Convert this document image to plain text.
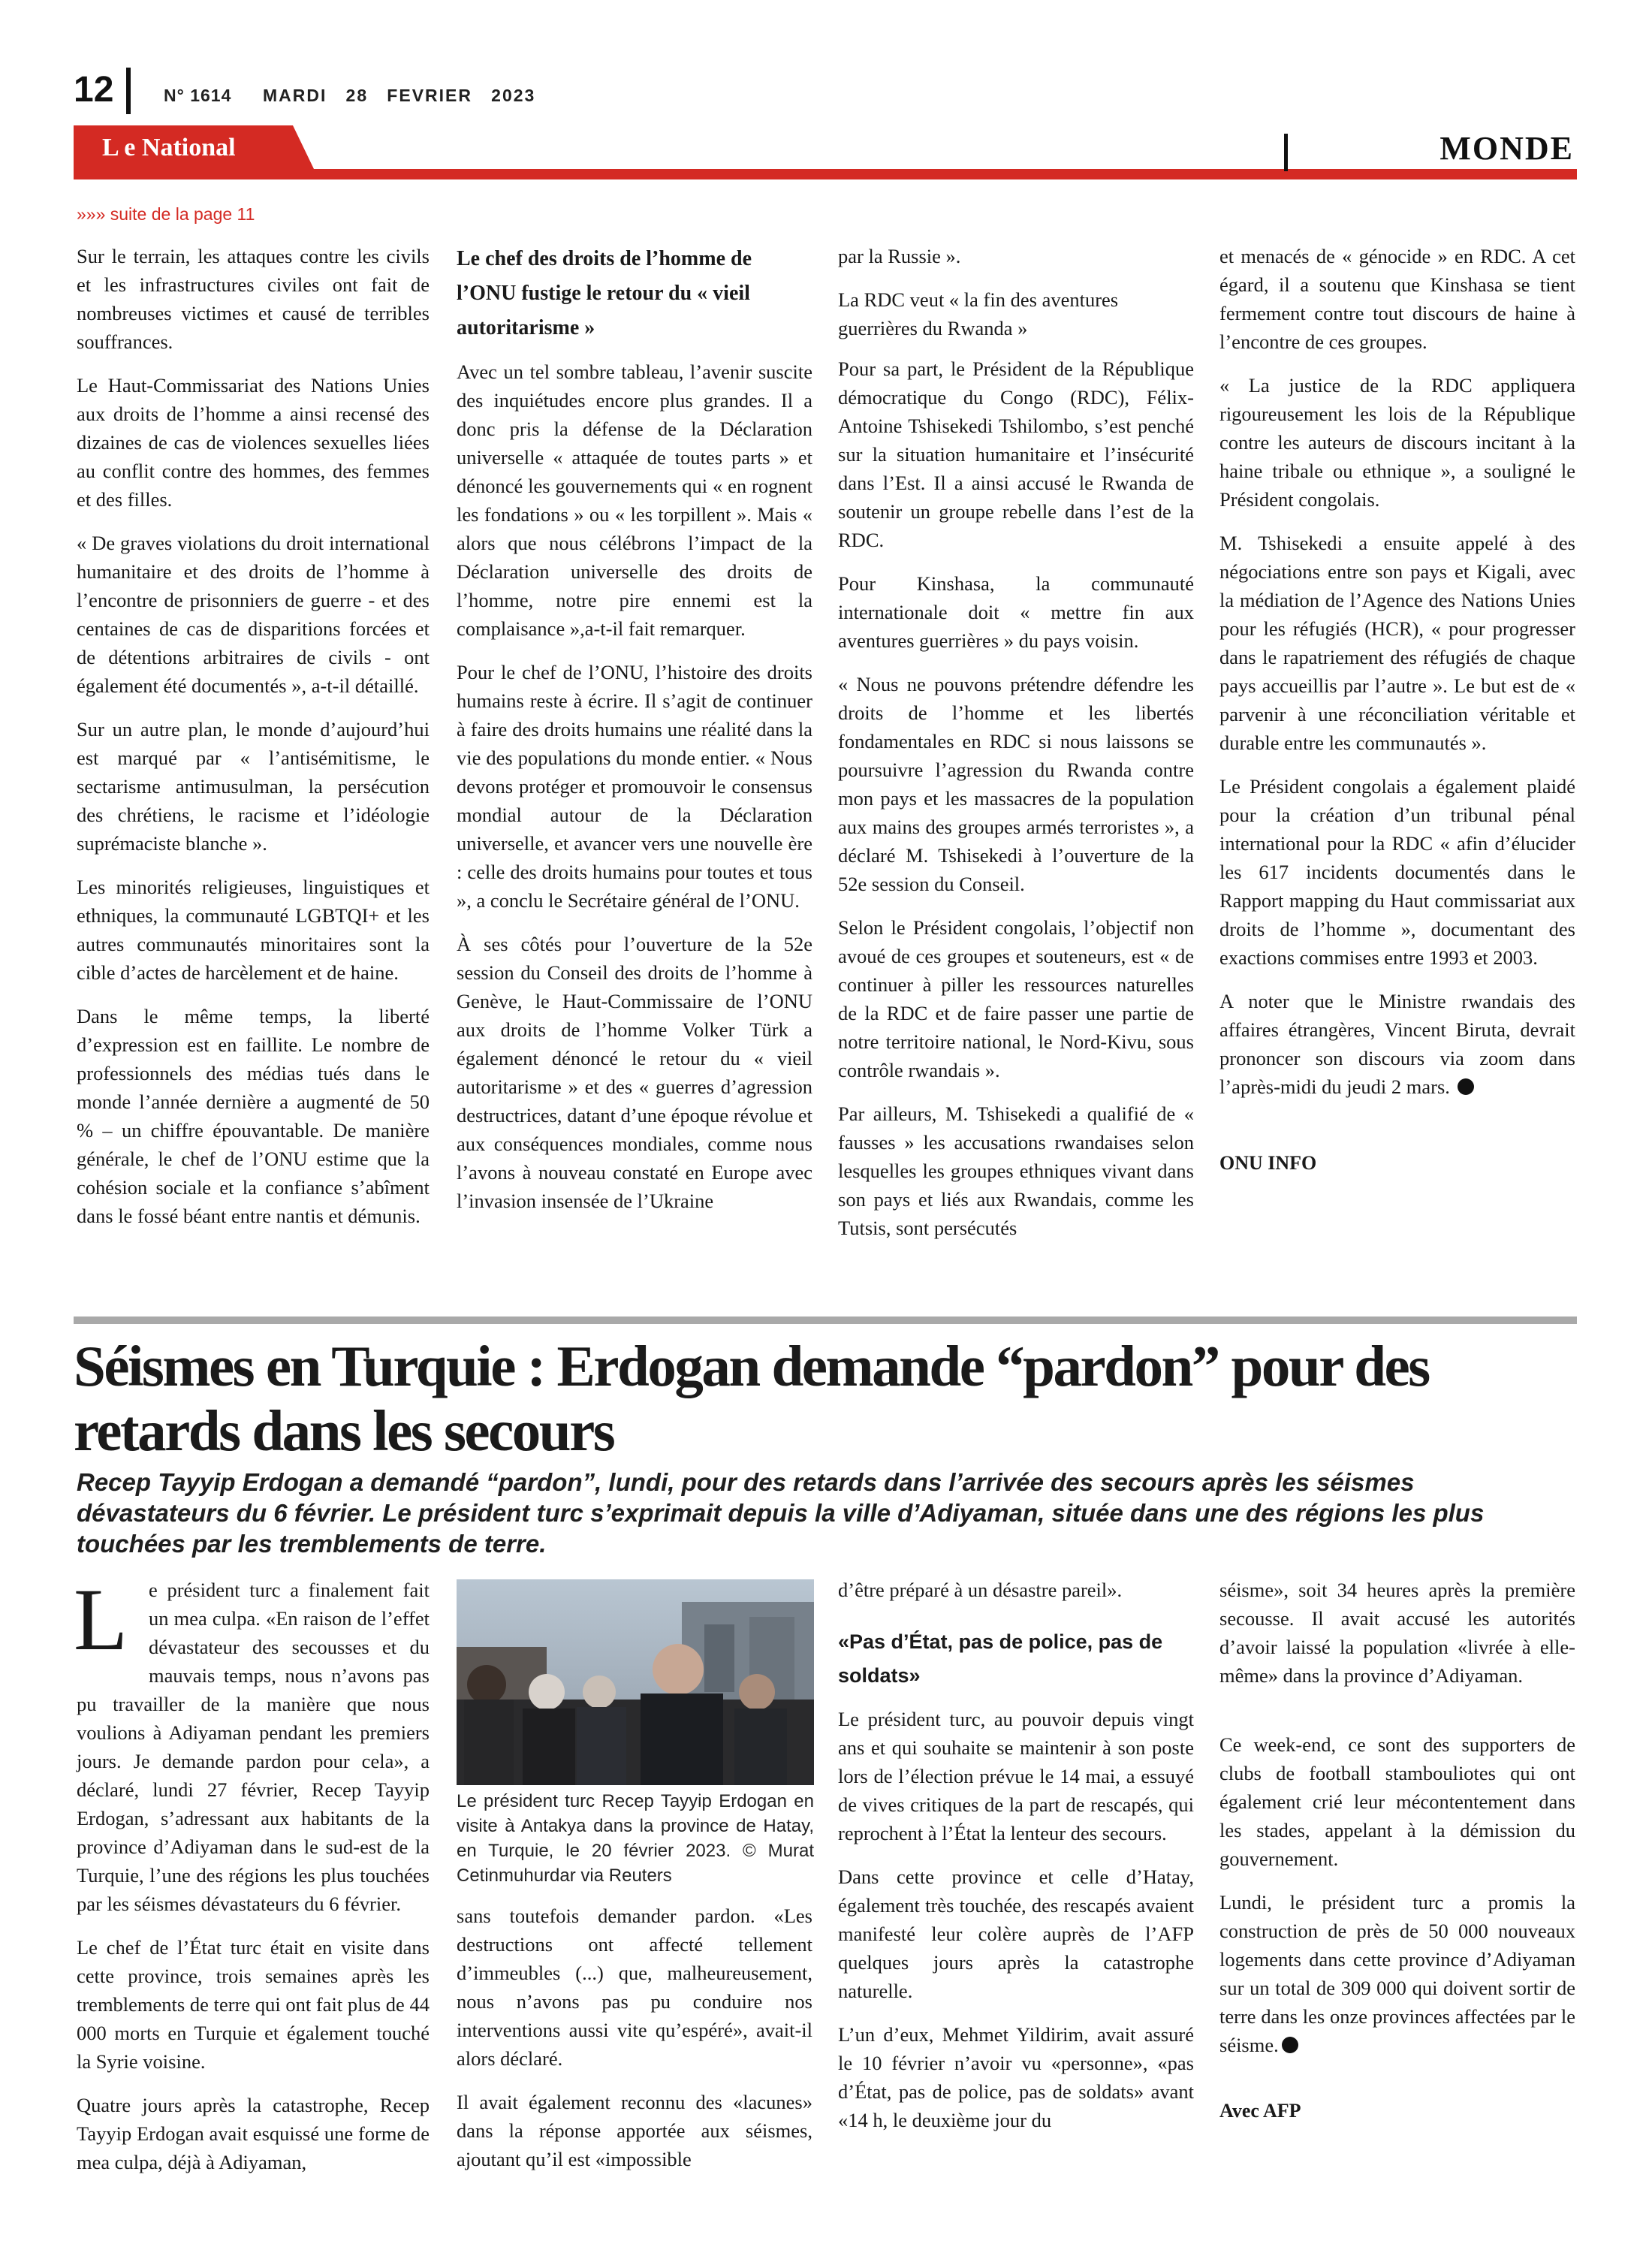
12	N° 1614 MARDI   28   FEVRIER   2023
L e National	MONDE
»»» suite de la page 11

Sur le terrain, les attaques contre les civils et les infrastructures civiles ont fait de nombreuses victimes et causé de terribles souffrances.

Le Haut-Commissariat des Nations Unies aux droits de l’homme a ainsi recensé des dizaines de cas de violences sexuelles liées au conflit contre des hommes, des femmes et des filles.

« De graves violations du droit international humanitaire et des droits de l’homme à l’encontre de prisonniers de guerre - et des centaines de cas de disparitions forcées et de détentions arbitraires de civils - ont également été documentés », a-t-il détaillé.

Sur un autre plan, le monde d’aujourd’hui est marqué par « l’antisémitisme, le sectarisme antimusulman, la persécution des chrétiens, le racisme et l’idéologie suprémaciste blanche ».

Les minorités religieuses, linguistiques et ethniques, la communauté LGBTQI+ et les autres communautés minoritaires sont la cible d’actes de harcèlement et de haine.

Dans le même temps, la liberté d’expression est en faillite. Le nombre de professionnels des médias tués dans le monde l’année dernière a augmenté de 50 % – un chiffre épouvantable. De manière générale, le chef de l’ONU estime que la cohésion sociale et la confiance s’abîment dans le fossé béant entre nantis et démunis.

Le chef des droits de l’homme de l’ONU fustige le retour du « vieil autoritarisme »

Avec un tel sombre tableau, l’avenir suscite des inquiétudes encore plus grandes. Il a donc pris la défense de la Déclaration universelle « attaquée de toutes parts » et dénoncé les gouvernements qui « en rognent les fondations » ou « les torpillent ». Mais « alors que nous célébrons l’impact de la Déclaration universelle des droits de l’homme, notre pire ennemi est la complaisance »,a-t-il fait remarquer.

Pour le chef de l’ONU, l’histoire des droits humains reste à écrire. Il s’agit de continuer à faire des droits humains une réalité dans la vie des populations du monde entier. « Nous devons protéger et promouvoir le consensus mondial autour de la Déclaration universelle, et avancer vers une nouvelle ère : celle des droits humains pour toutes et tous », a conclu le Secrétaire général de l’ONU.

À ses côtés pour l’ouverture de la 52e session du Conseil des droits de l’homme à Genève, le Haut-Commissaire de l’ONU aux droits de l’homme Volker Türk a également dénoncé le retour du « vieil autoritarisme » et des « guerres d’agression destructrices, datant d’une époque révolue et aux conséquences mondiales, comme nous l’avons à nouveau constaté en Europe avec l’invasion insensée de l’Ukraine

par la Russie ».

La RDC veut « la fin des aventures guerrières du Rwanda »

Pour sa part, le Président de la République démocratique du Congo (RDC), Félix-Antoine Tshisekedi Tshilombo, s’est penché sur la situation humanitaire et l’insécurité dans l’Est. Il a ainsi accusé le Rwanda de soutenir un groupe rebelle dans l’est de la RDC.

Pour Kinshasa, la communauté internationale doit « mettre fin aux aventures guerrières » du pays voisin.

« Nous ne pouvons prétendre défendre les droits de l’homme et les libertés fondamentales en RDC si nous laissons se poursuivre l’agression du Rwanda contre mon pays et les massacres de la population aux mains des groupes armés terroristes », a déclaré M. Tshisekedi à l’ouverture de la 52e session du Conseil.

Selon le Président congolais, l’objectif non avoué de ces groupes et souteneurs, est « de continuer à piller les ressources naturelles de la RDC et de faire passer une partie de notre territoire national, le Nord-Kivu, sous contrôle rwandais ».

Par ailleurs, M. Tshisekedi a qualifié de « fausses » les accusations rwandaises selon lesquelles les groupes ethniques vivant dans son pays et liés aux Rwandais, comme les Tutsis, sont persécutés

et menacés de « génocide » en RDC. A cet égard, il a soutenu que Kinshasa se tient fermement contre tout discours de haine à l’encontre de ces groupes.

« La justice de la RDC appliquera rigoureusement les lois de la République contre les auteurs de discours incitant à la haine tribale ou ethnique », a souligné le Président congolais.

M. Tshisekedi a ensuite appelé à des négociations entre son pays et Kigali, avec la médiation de l’Agence des Nations Unies pour les réfugiés (HCR), « pour progresser dans le rapatriement des réfugiés de chaque pays accueillis par l’autre ». Le but est de « parvenir à une réconciliation véritable et durable entre les communautés ».

Le Président congolais a également plaidé pour la création d’un tribunal pénal international pour la RDC « afin d’élucider les 617 incidents documentés dans le Rapport mapping du Haut commissariat aux droits de l’homme », documentant des exactions commises entre 1993 et 2003.

A noter que le Ministre rwandais des affaires étrangères, Vincent Biruta, devrait prononcer son discours via zoom dans l’après-midi du jeudi 2 mars.

ONU INFO

Séismes en Turquie : Erdogan demande “pardon” pour des retards dans les secours
Recep Tayyip Erdogan a demandé “pardon”, lundi, pour des retards dans l’arrivée des secours après les séismes dévastateurs du 6 février. Le président turc s’exprimait depuis la ville d’Adiyaman, située dans une des régions les plus touchées par les tremblements de terre.
L	e président turc a finalement fait un mea culpa. «En raison de l’effet dévastateur des secousses et du mauvais temps, nous n’avons pas pu travailler de la manière que nous voulions à Adiyaman pendant les premiers jours. Je demande pardon pour cela», a déclaré, lundi 27 février, Recep Tayyip Erdogan, s’adressant aux habitants de la province d’Adiyaman dans le sud-est de la Turquie, l’une des régions les plus touchées par les séismes dévastateurs du 6 février.

Le chef de l’État turc était en visite dans cette province, trois semaines après les tremblements de terre qui ont fait plus de 44 000 morts en Turquie et également touché la Syrie voisine.

Quatre jours après la catastrophe, Recep Tayyip Erdogan avait esquissé une forme de mea culpa, déjà à Adiyaman,

Le président turc Recep Tayyip Erdogan en visite à Antakya dans la province de Hatay, en Turquie, le 20 février 2023. © Murat Cetinmuhurdar via Reuters

sans toutefois demander pardon. «Les destructions ont affecté tellement d’immeubles (...) que, malheureusement, nous n’avons pas pu conduire nos interventions aussi vite qu’espéré», avait-il alors déclaré.

Il avait également reconnu des «lacunes» dans la réponse apportée aux séismes, ajoutant qu’il est «impossible

d’être préparé à un désastre pareil».

«Pas d’État, pas de police, pas de soldats»

Le président turc, au pouvoir depuis vingt ans et qui souhaite se maintenir à son poste lors de l’élection prévue le 14 mai, a essuyé de vives critiques de la part de rescapés, qui reprochent à l’État la lenteur des secours.

Dans cette province et celle d’Hatay, également très touchée, des rescapés avaient manifesté leur colère auprès de l’AFP quelques jours après la catastrophe naturelle.

L’un d’eux, Mehmet Yildirim, avait assuré le 10 février n’avoir vu «personne», «pas d’État, pas de police, pas de soldats» avant «14 h, le deuxième jour du

séisme», soit 34 heures après la première secousse. Il avait accusé les autorités d’avoir laissé la population «livrée à elle-même» dans la province d’Adiyaman.

Ce week-end, ce sont des supporters de clubs de football stambouliotes qui ont également crié leur mécontentement dans les stades, appelant à la démission du gouvernement.

Lundi, le président turc a promis la construction de près de 50 000 nouveaux logements dans cette province d’Adiyaman sur un total de 309 000 qui doivent sortir de terre dans les onze provinces affectées par le séisme.

Avec AFP
